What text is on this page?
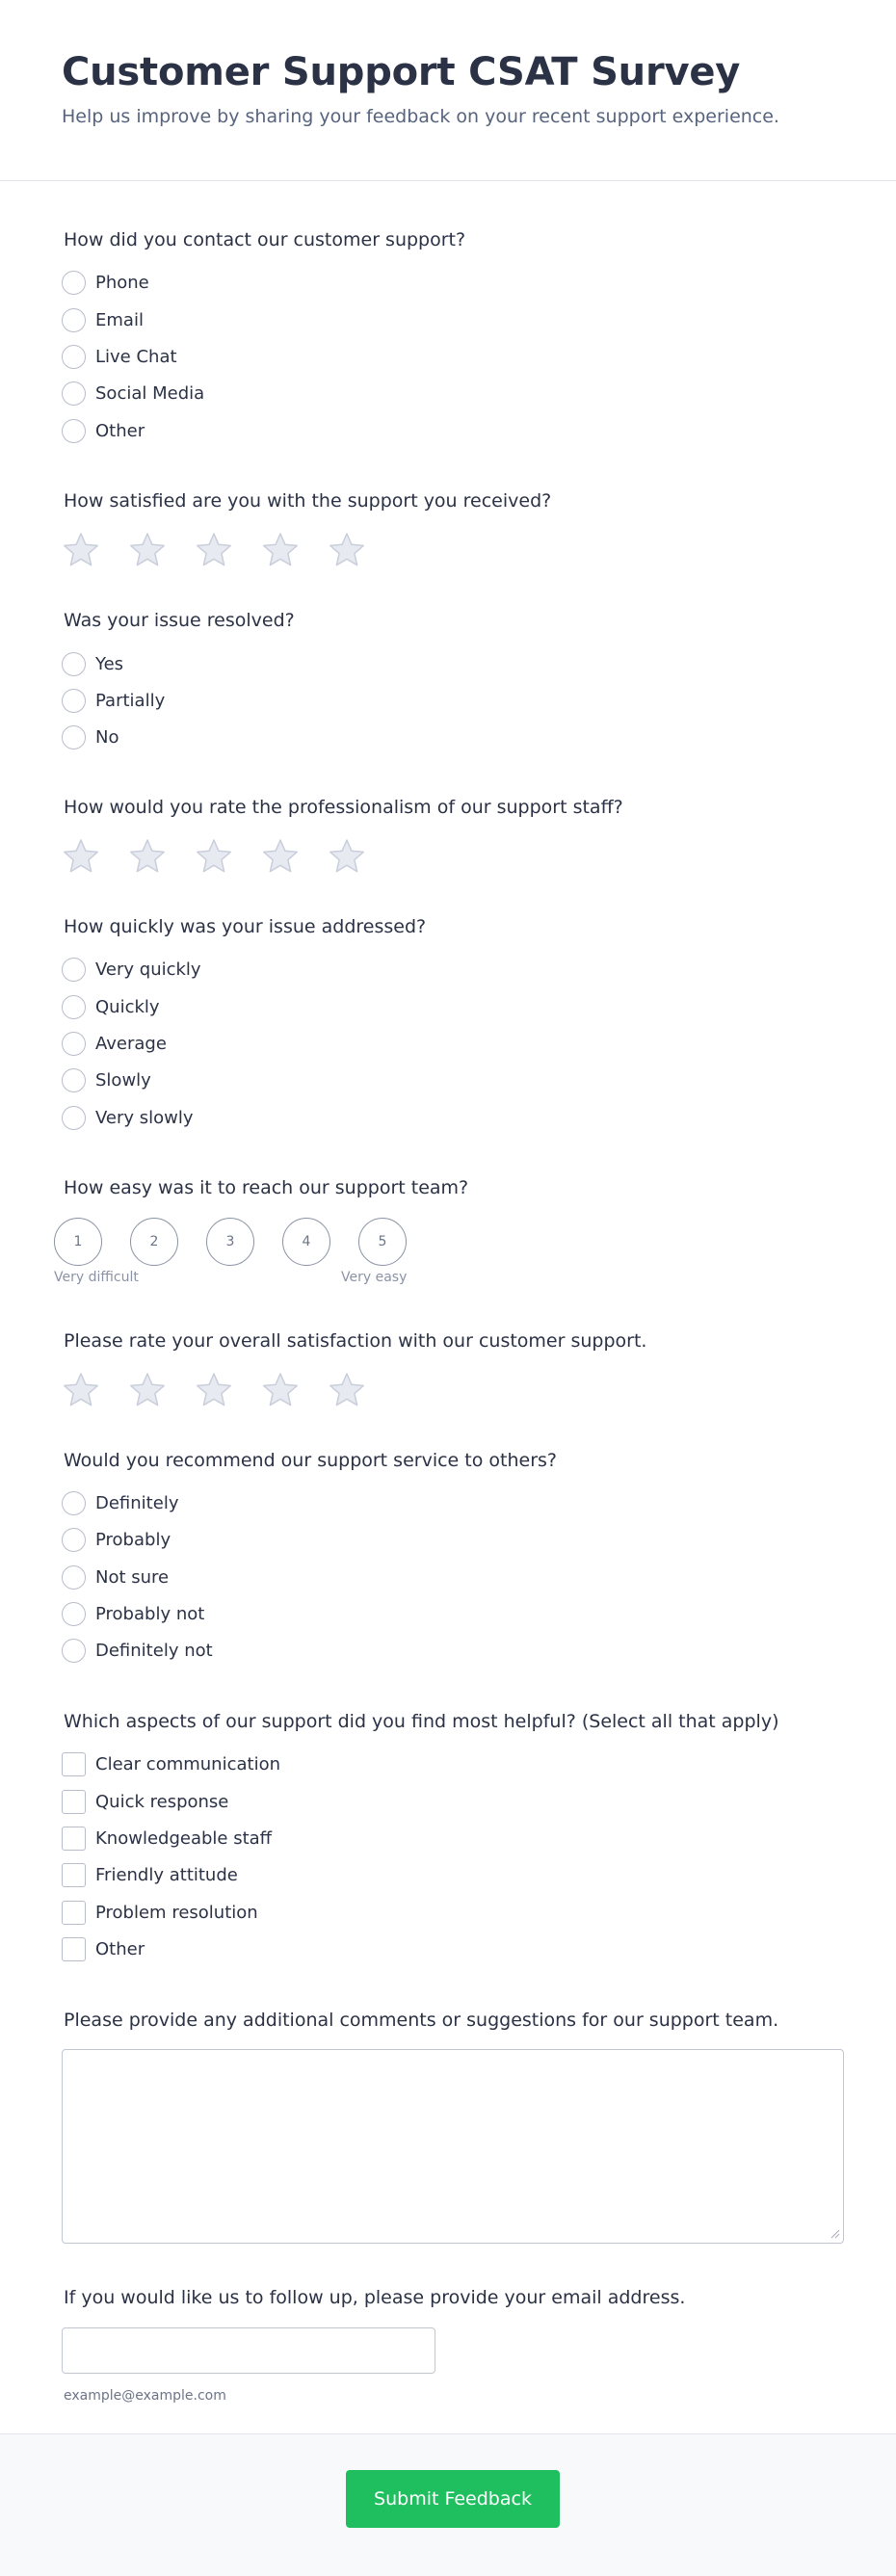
Customer Support CSAT Survey

Help us improve by sharing your feedback on your recent support experience.

How did you contact our customer support?
Phone
Email
Live Chat
Social Media
Other
How satisfied are you with the support you received?
Was your issue resolved?
Yes
Partially
No
How would you rate the professionalism of our support staff?
How quickly was your issue addressed?
Very quickly
Quickly
Average
Slowly
Very slowly
How easy was it to reach our support team?
1	2	3	4	5
Very difficult	Very easy
Please rate your overall satisfaction with our customer support.
Would you recommend our support service to others?
Definitely
Probably
Not sure
Probably not
Definitely not
Which aspects of our support did you find most helpful? (Select all that apply)
Clear communication
Quick response
Knowledgeable staff
Friendly attitude
Problem resolution
Other
Please provide any additional comments or suggestions for our support team.
If you would like us to follow up, please provide your email address.
example@example.com
Submit Feedback
